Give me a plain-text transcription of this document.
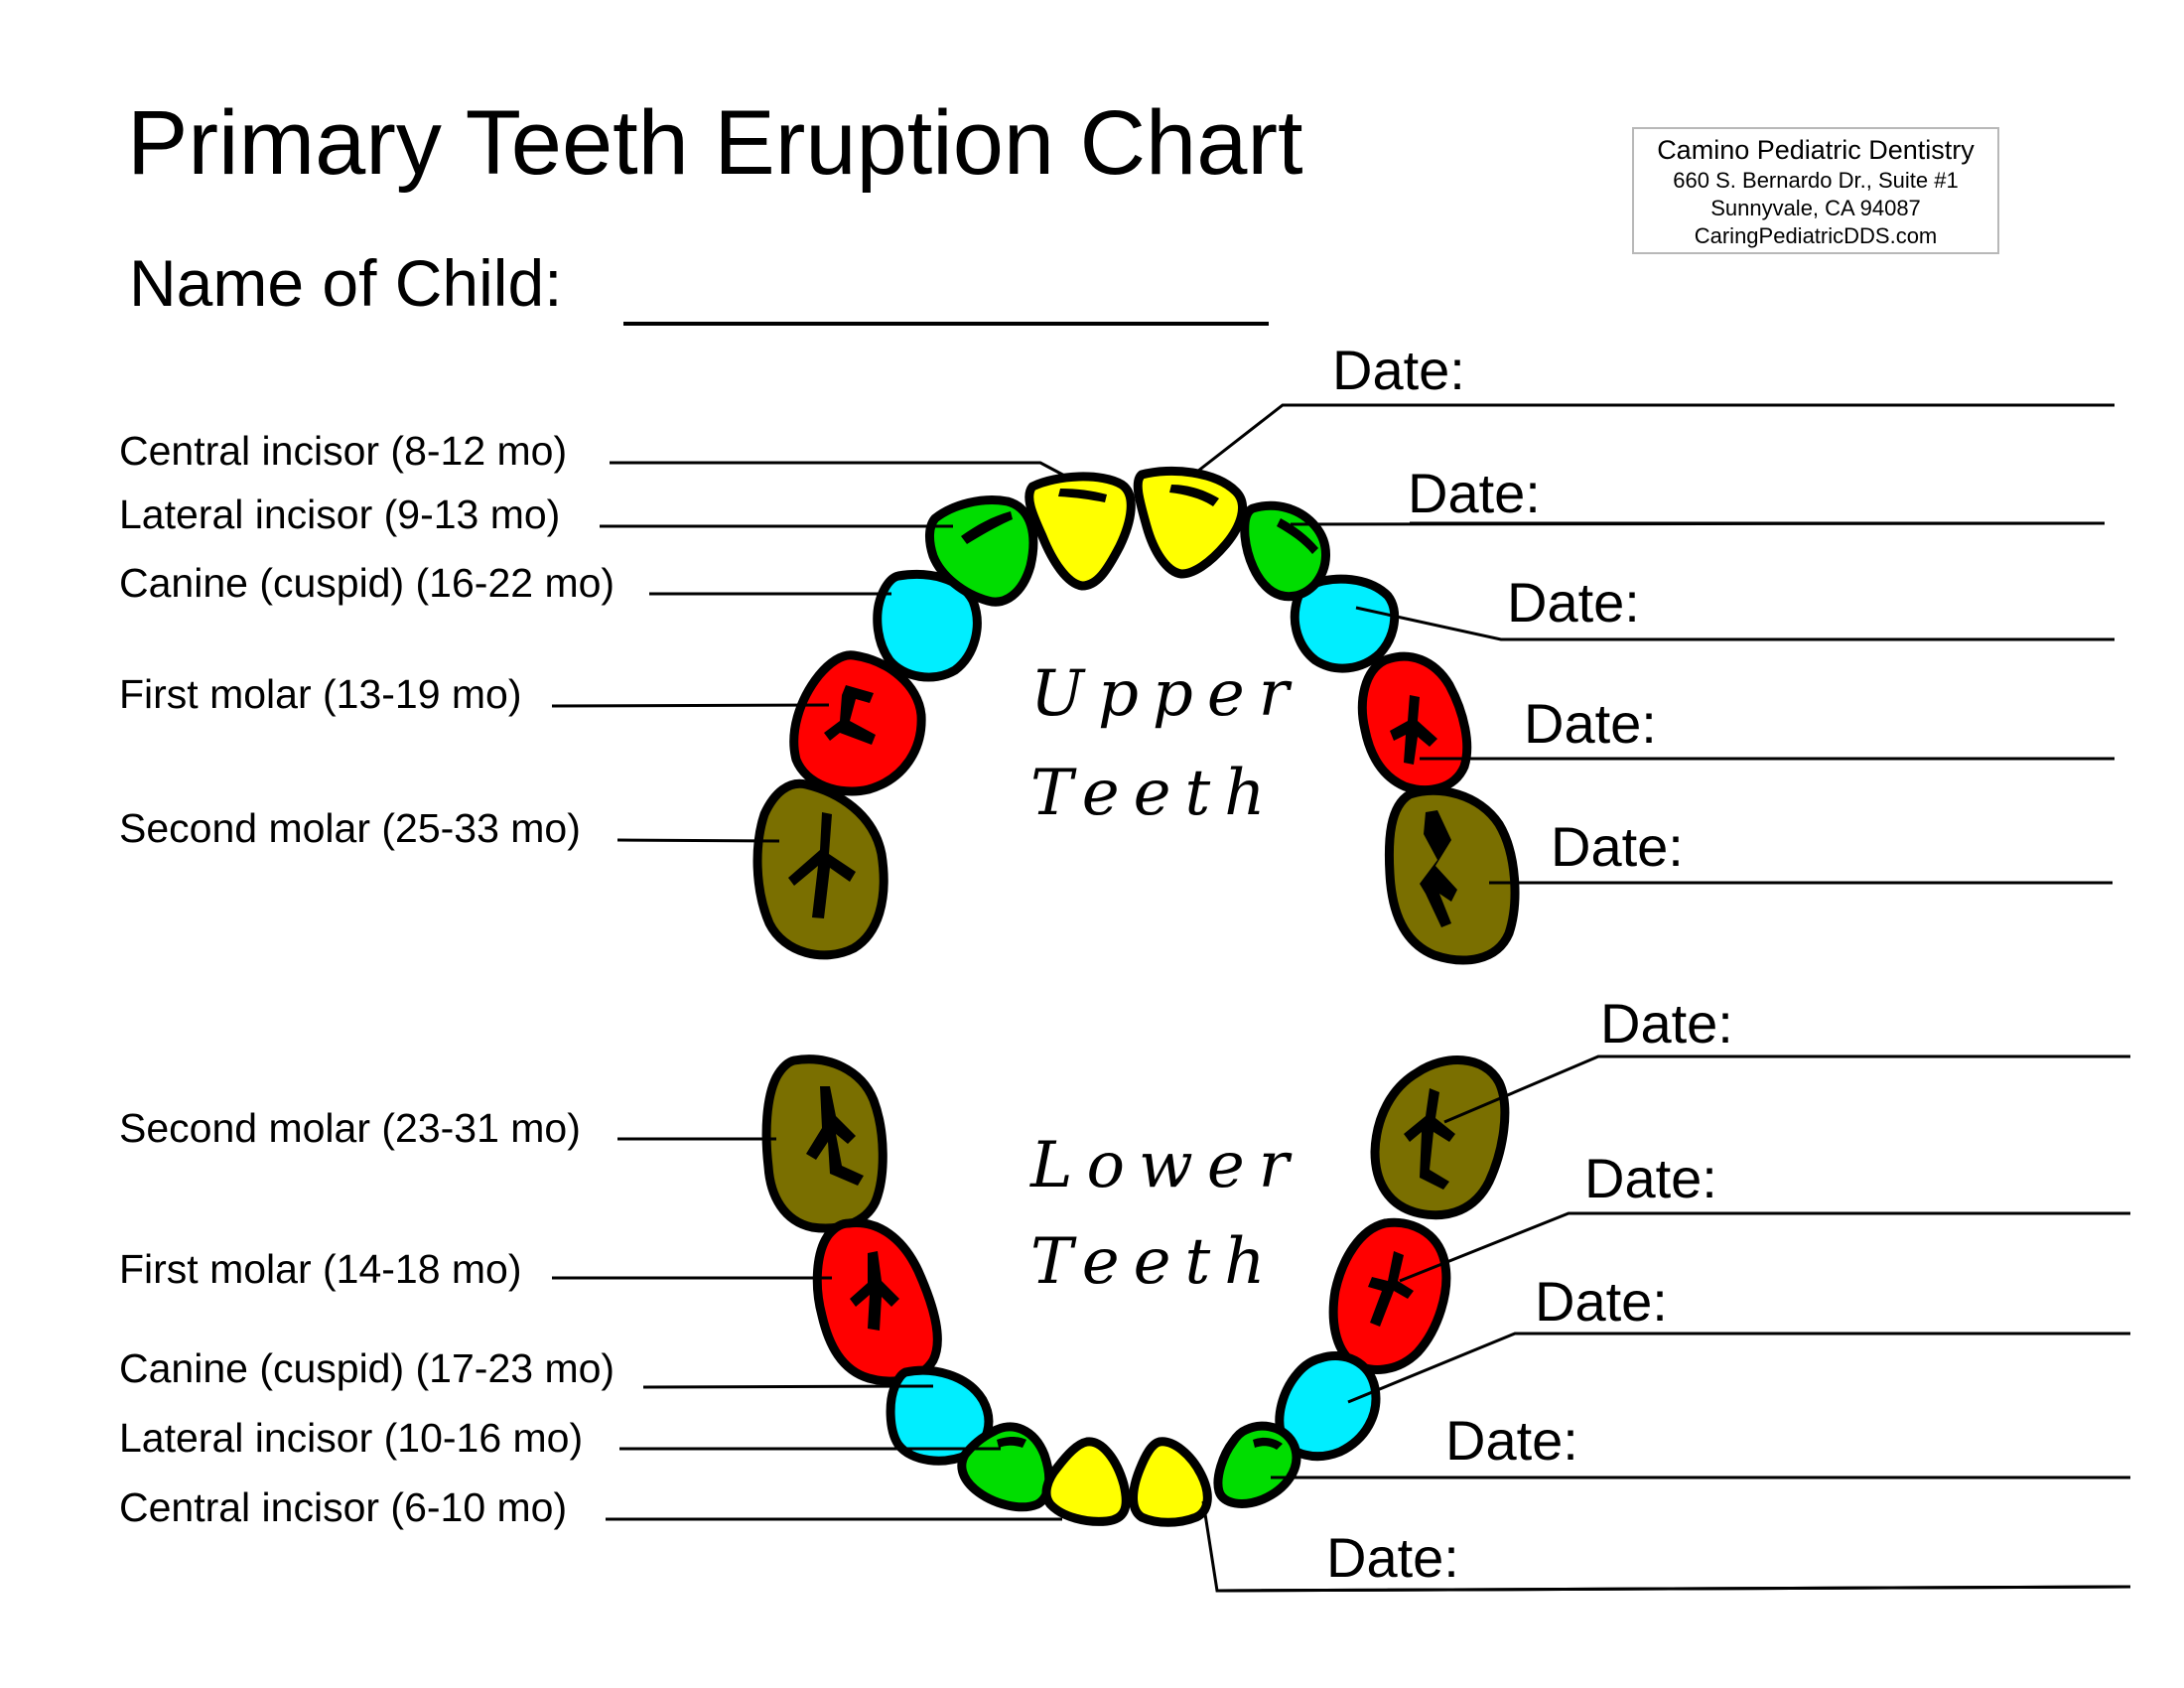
Primary Teeth Eruption Chart
Name of Child:
Camino Pediatric Dentistry
660 S. Bernardo Dr., Suite #1
Sunnyvale, CA 94087
CaringPediatricDDS.com
Upper
Teeth
Lower
Teeth
Central incisor (8-12 mo)
Lateral incisor (9-13 mo)
Canine (cuspid) (16-22 mo)
First molar (13-19 mo)
Second molar (25-33 mo)
Second molar (23-31 mo)
First molar (14-18 mo)
Canine (cuspid) (17-23 mo)
Lateral incisor (10-16 mo)
Central incisor (6-10 mo)
Date:
Date:
Date:
Date:
Date:
Date:
Date:
Date:
Date:
Date:
